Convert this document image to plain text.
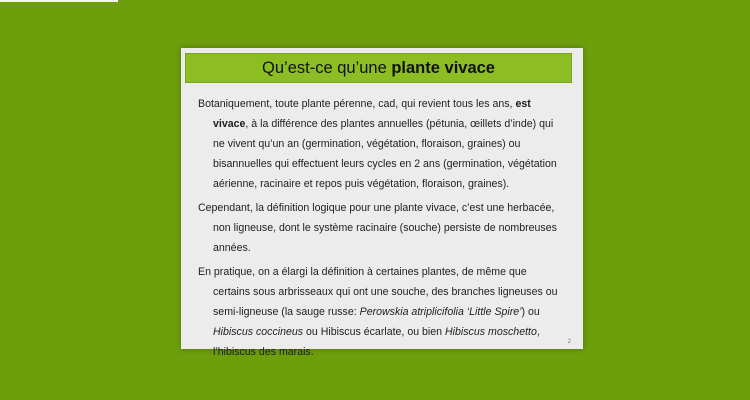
Qu’est-ce qu’une plante vivace
Botaniquement, toute plante pérenne, cad, qui revient tous les ans, est
vivace, à la différence des plantes annuelles (pétunia, œillets d’inde) qui
ne vivent qu’un an (germination, végétation, floraison, graines) ou
bisannuelles qui effectuent leurs cycles en 2 ans (germination, végétation
aérienne, racinaire et repos puis végétation, floraison, graines).
Cependant, la définition logique pour une plante vivace, c’est une herbacée,
non ligneuse, dont le système racinaire (souche) persiste de nombreuses
années.
En pratique, on a élargi la définition à certaines plantes, de même que
certains sous arbrisseaux qui ont une souche, des branches ligneuses ou
semi-ligneuse (la sauge russe: Perowskia atriplicifolia ‘Little Spire’) ou
Hibiscus coccineus ou Hibiscus écarlate, ou bien Hibiscus moschetto,
l’hibiscus des marais.
2
